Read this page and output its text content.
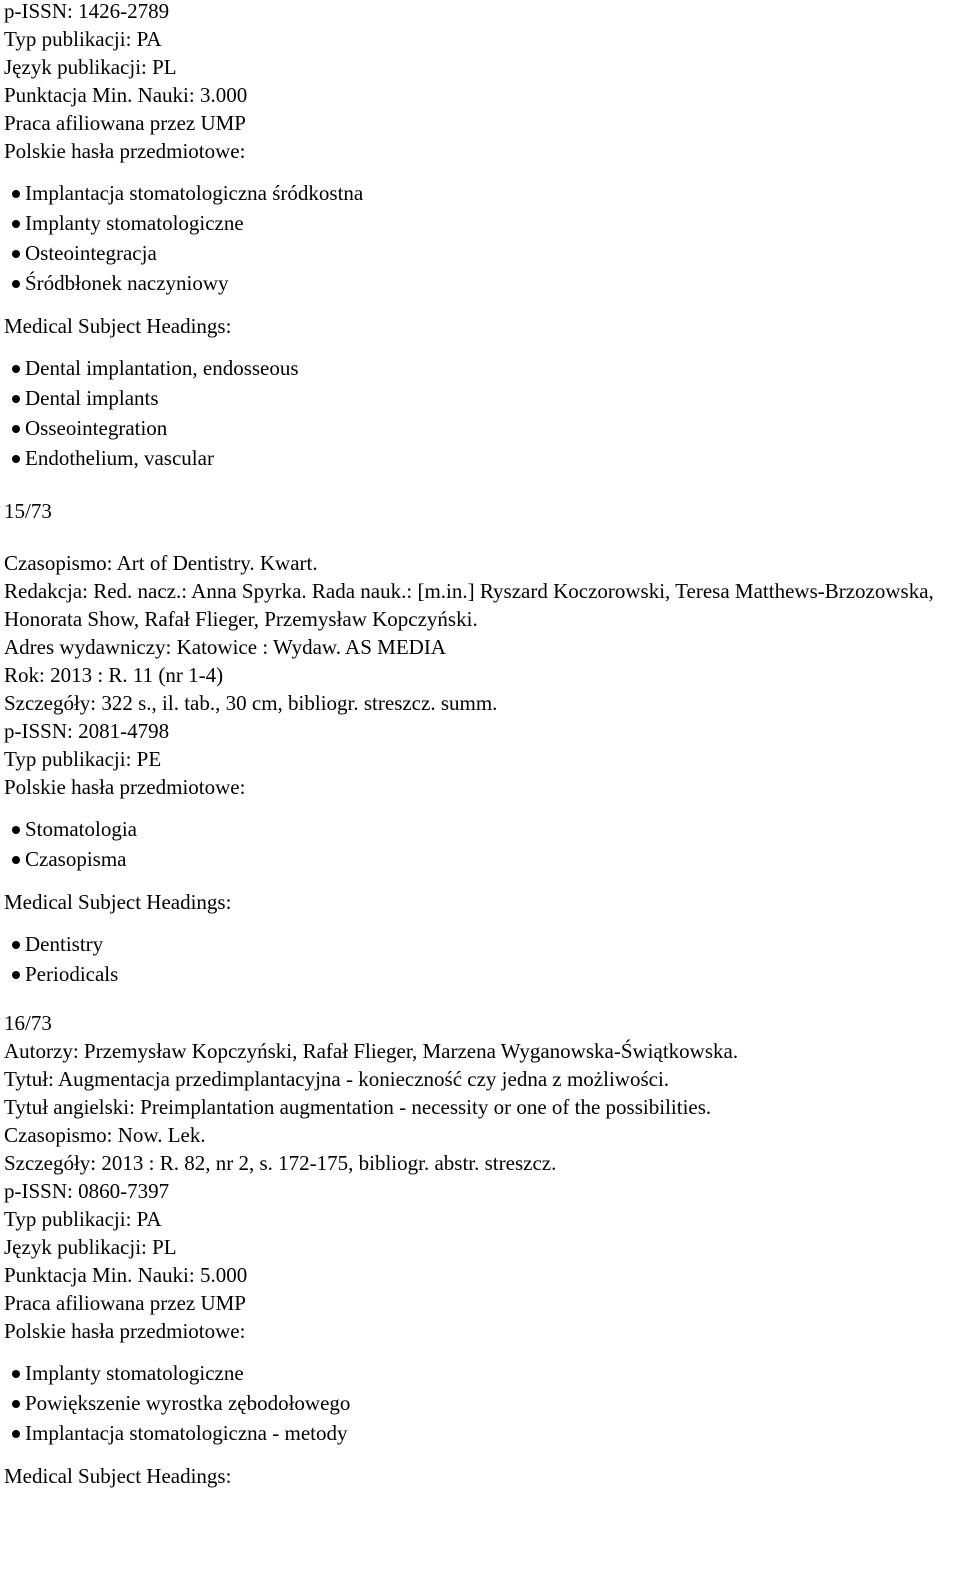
p-ISSN: 1426-2789
Typ publikacji: PA
Język publikacji: PL
Punktacja Min. Nauki: 3.000
Praca afiliowana przez UMP
Polskie hasła przedmiotowe:
Implantacja stomatologiczna śródkostna
Implanty stomatologiczne
Osteointegracja
Śródbłonek naczyniowy
Medical Subject Headings:
Dental implantation, endosseous
Dental implants
Osseointegration
Endothelium, vascular
15/73
Czasopismo: Art of Dentistry. Kwart.
Redakcja: Red. nacz.: Anna Spyrka. Rada nauk.: [m.in.] Ryszard Koczorowski, Teresa Matthews-Brzozowska, Honorata Show, Rafał Flieger, Przemysław Kopczyński.
Adres wydawniczy: Katowice : Wydaw. AS MEDIA
Rok: 2013 : R. 11 (nr 1-4)
Szczegóły: 322 s., il. tab., 30 cm, bibliogr. streszcz. summ.
p-ISSN: 2081-4798
Typ publikacji: PE
Polskie hasła przedmiotowe:
Stomatologia
Czasopisma
Medical Subject Headings:
Dentistry
Periodicals
16/73
Autorzy: Przemysław Kopczyński, Rafał Flieger, Marzena Wyganowska-Świątkowska.
Tytuł: Augmentacja przedimplantacyjna - konieczność czy jedna z możliwości.
Tytuł angielski: Preimplantation augmentation - necessity or one of the possibilities.
Czasopismo: Now. Lek.
Szczegóły: 2013 : R. 82, nr 2, s. 172-175, bibliogr. abstr. streszcz.
p-ISSN: 0860-7397
Typ publikacji: PA
Język publikacji: PL
Punktacja Min. Nauki: 5.000
Praca afiliowana przez UMP
Polskie hasła przedmiotowe:
Implanty stomatologiczne
Powiększenie wyrostka zębodołowego
Implantacja stomatologiczna - metody
Medical Subject Headings:
